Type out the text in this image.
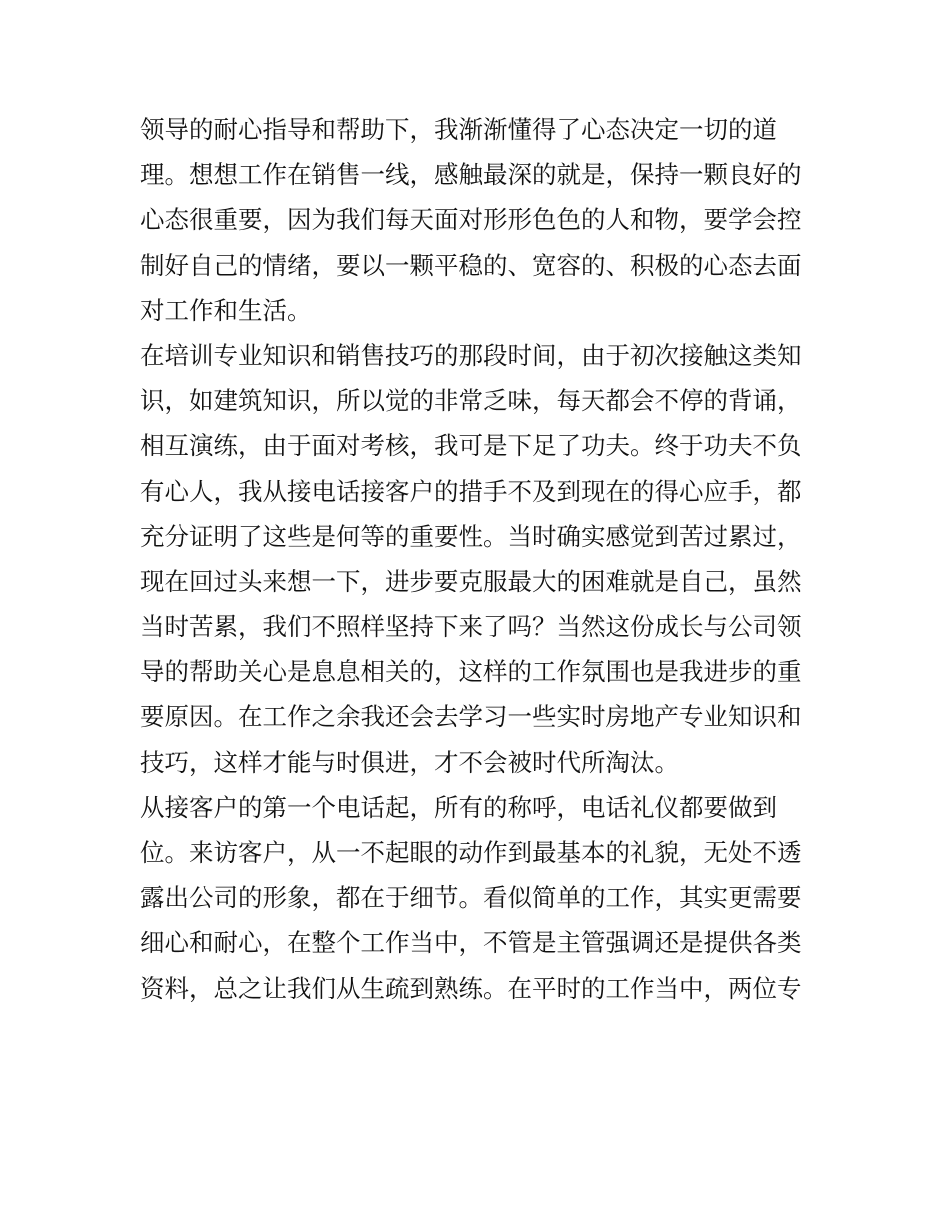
领导的耐心指导和帮助下，我渐渐懂得了心态决定一切的道
理。想想工作在销售一线，感触最深的就是，保持一颗良好的
心态很重要，因为我们每天面对形形色色的人和物，要学会控
制好自己的情绪，要以一颗平稳的、宽容的、积极的心态去面
对工作和生活。
在培训专业知识和销售技巧的那段时间，由于初次接触这类知
识，如建筑知识，所以觉的非常乏味，每天都会不停的背诵，
相互演练，由于面对考核，我可是下足了功夫。终于功夫不负
有心人，我从接电话接客户的措手不及到现在的得心应手，都
充分证明了这些是何等的重要性。当时确实感觉到苦过累过，
现在回过头来想一下，进步要克服最大的困难就是自己，虽然
当时苦累，我们不照样坚持下来了吗？当然这份成长与公司领
导的帮助关心是息息相关的，这样的工作氛围也是我进步的重
要原因。在工作之余我还会去学习一些实时房地产专业知识和
技巧，这样才能与时俱进，才不会被时代所淘汰。
从接客户的第一个电话起，所有的称呼，电话礼仪都要做到
位。来访客户，从一不起眼的动作到最基本的礼貌，无处不透
露出公司的形象，都在于细节。看似简单的工作，其实更需要
细心和耐心，在整个工作当中，不管是主管强调还是提供各类
资料，总之让我们从生疏到熟练。在平时的工作当中，两位专
